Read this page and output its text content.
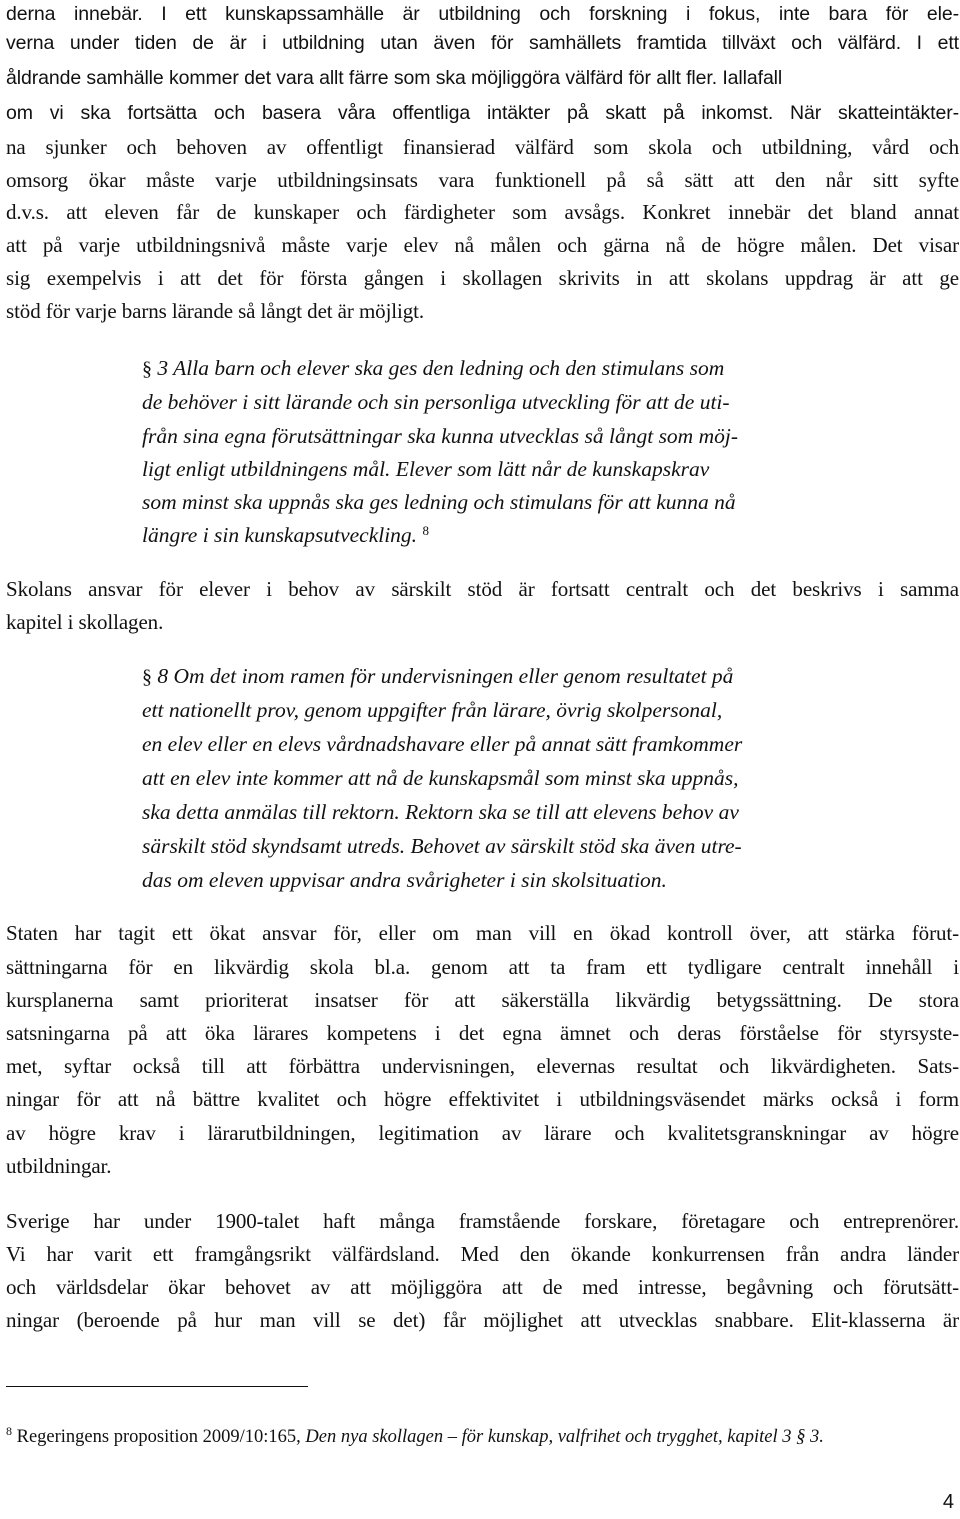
derna innebär. I ett kunskapssamhälle är utbildning och forskning i fokus, inte bara för ele-
verna under tiden de är i utbildning utan även för samhällets framtida tillväxt och välfärd. I ett
åldrande samhälle kommer det vara allt färre som ska möjliggöra välfärd för allt fler. Iallafall
om vi ska fortsätta och basera våra offentliga intäkter på skatt på inkomst. När skatteintäkter-
na sjunker och behoven av offentligt finansierad välfärd som skola och utbildning, vård och
omsorg ökar måste varje utbildningsinsats vara funktionell på så sätt att den når sitt syfte
d.v.s. att eleven får de kunskaper och färdigheter som avsågs. Konkret innebär det bland annat
att på varje utbildningsnivå måste varje elev nå målen och gärna nå de högre målen. Det visar
sig exempelvis i att det för första gången i skollagen skrivits in att skolans uppdrag är att ge
stöd för varje barns lärande så långt det är möjligt.
§ 3 Alla barn och elever ska ges den ledning och den stimulans som
de behöver i sitt lärande och sin personliga utveckling för att de uti-
från sina egna förutsättningar ska kunna utvecklas så långt som möj-
ligt enligt utbildningens mål. Elever som lätt når de kunskapskrav
som minst ska uppnås ska ges ledning och stimulans för att kunna nå
längre i sin kunskapsutveckling. $^8$
Skolans ansvar för elever i behov av särskilt stöd är fortsatt centralt och det beskrivs i samma
kapitel i skollagen.
§ 8 Om det inom ramen för undervisningen eller genom resultatet på
ett nationellt prov, genom uppgifter från lärare, övrig skolpersonal,
en elev eller en elevs vårdnadshavare eller på annat sätt framkommer
att en elev inte kommer att nå de kunskapsmål som minst ska uppnås,
ska detta anmälas till rektorn. Rektorn ska se till att elevens behov av
särskilt stöd skyndsamt utreds. Behovet av särskilt stöd ska även utre-
das om eleven uppvisar andra svårigheter i sin skolsituation.
Staten har tagit ett ökat ansvar för, eller om man vill en ökad kontroll över, att stärka förut-
sättningarna för en likvärdig skola bl.a. genom att ta fram ett tydligare centralt innehåll i
kursplanerna samt prioriterat insatser för att säkerställa likvärdig betygssättning. De stora
satsningarna på att öka lärares kompetens i det egna ämnet och deras förståelse för styrsyste-
met, syftar också till att förbättra undervisningen, elevernas resultat och likvärdigheten. Sats-
ningar för att nå bättre kvalitet och högre effektivitet i utbildningsväsendet märks också i form
av högre krav i lärarutbildningen, legitimation av lärare och kvalitetsgranskningar av högre
utbildningar.
Sverige har under 1900-talet haft många framstående forskare, företagare och entreprenörer.
Vi har varit ett framgångsrikt välfärdsland. Med den ökande konkurrensen från andra länder
och världsdelar ökar behovet av att möjliggöra att de med intresse, begåvning och förutsätt-
ningar (beroende på hur man vill se det) får möjlighet att utvecklas snabbare. Elit-klasserna är
$^8$ Regeringens proposition 2009/10:165, Den nya skollagen – för kunskap, valfrihet och trygghet, kapitel 3 § 3.
4
